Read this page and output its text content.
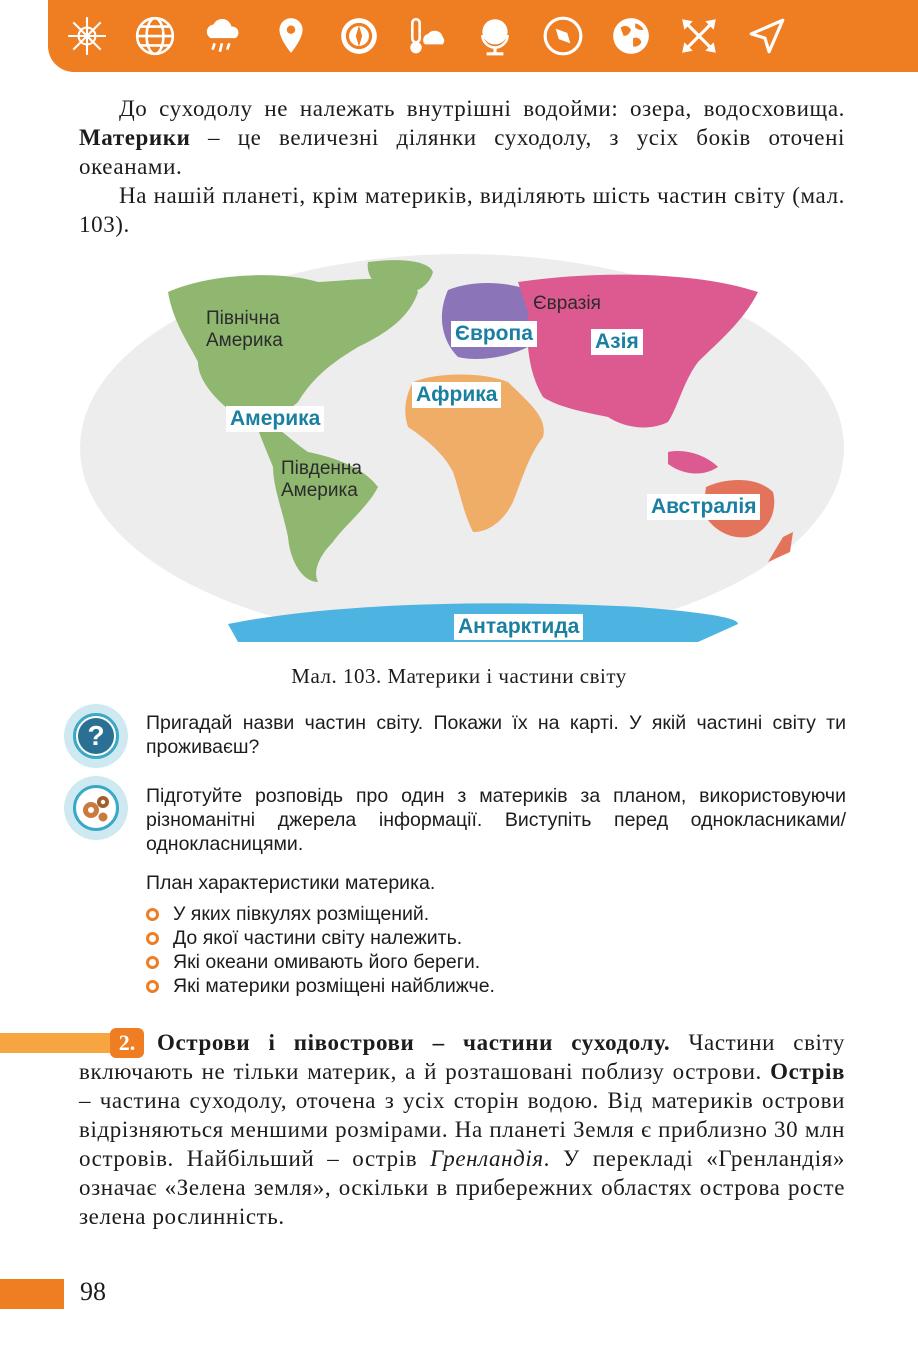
До суходолу не належать внутрішні водойми: озера, водосховища. Материки – це величезні ділянки суходолу, з усіх боків оточені океанами.

На нашій планеті, крім материків, виділяють шість частин світу (мал. 103).

Північна
Америка
Південна
Америка
Євразія
Америка
Європа	Азія
Африка
Австралія
Антарктида
Мал. 103. Материки і частини світу
?	Пригадай назви частин світу. Покажи їх на карті. У якій частині світу ти проживаєш?

Підготуйте розповідь про один з материків за планом, використовуючи різноманітні джерела інформації. Виступіть перед однокласниками/однокласницями.

План характеристики материка.

У яких півкулях розміщений.
До якої частини світу належить.
Які океани омивають його береги.
Які материки розміщені найближче.
2. Острови і півострови – частини суходолу. Частини світу включають не тільки материк, а й розташовані поблизу острови. Острів – частина суходолу, оточена з усіх сторін водою. Від материків острови відрізняються меншими розмірами. На планеті Земля є приблизно 30 млн островів. Найбільший – острів Гренландія. У перекладі «Гренландія» означає «Зелена земля», оскільки в прибережних областях острова росте зелена рослинність.

98
